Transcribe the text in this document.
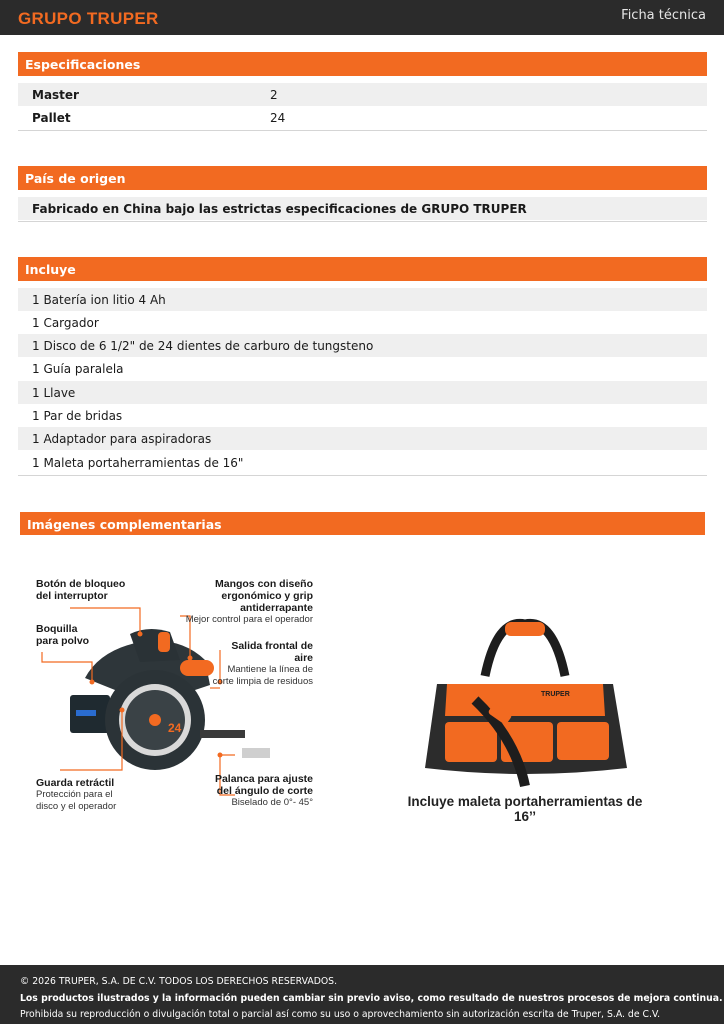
GRUPO TRUPER	Ficha técnica
Especificaciones
Master	2
Pallet	24
País de origen
Fabricado en China bajo las estrictas especificaciones de GRUPO TRUPER
Incluye
1 Batería ion litio 4 Ah
1 Cargador
1 Disco de 6 1/2" de 24 dientes de carburo de tungsteno
1 Guía paralela
1 Llave
1 Par de bridas
1 Adaptador para aspiradoras
1 Maleta portaherramientas de 16"
Imágenes complementarias
24
Botón de bloqueo del interruptor
Boquilla para polvo
Guarda retráctil
Protección para el disco y el operador
Mangos con diseño ergonómico y grip antiderrapante
Mejor control para el operador
Salida frontal de aire
Mantiene la línea de corte limpia de residuos
Palanca para ajuste del ángulo de corte
Biselado de 0°- 45°
TRUPER
Incluye maleta portaherramientas de 16’’
© 2026 TRUPER, S.A. DE C.V. TODOS LOS DERECHOS RESERVADOS.
Los productos ilustrados y la información pueden cambiar sin previo aviso, como resultado de nuestros procesos de mejora continua.
Prohibida su reproducción o divulgación total o parcial así como su uso o aprovechamiento sin autorización escrita de Truper, S.A. de C.V.
